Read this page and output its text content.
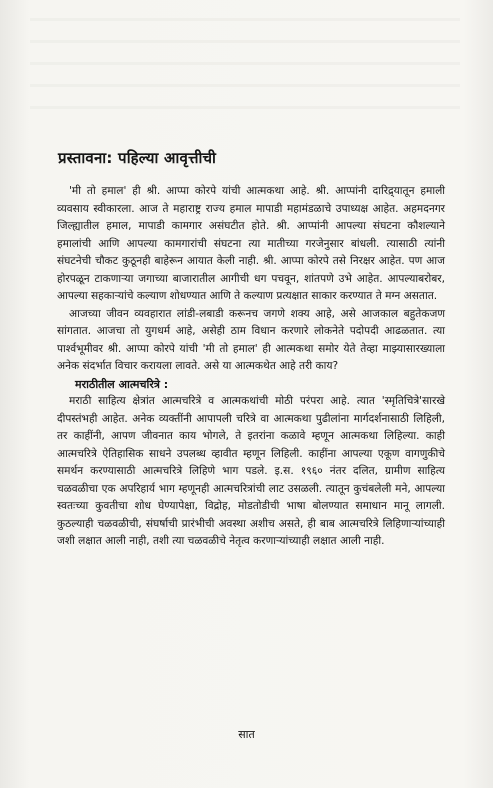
प्रस्तावना: पहिल्या आवृत्तीची

'मी तो हमाल' ही श्री. आप्पा कोरपे यांची आत्मकथा आहे. श्री. आप्पांनी दारिद्र्यातून हमाली व्यवसाय स्वीकारला. आज ते महाराष्ट्र राज्य हमाल मापाडी महामंडळाचे उपाध्यक्ष आहेत. अहमदनगर जिल्ह्यातील हमाल, मापाडी कामगार असंघटीत होते. श्री. आप्पांनी आपल्या संघटना कौशल्याने हमालांची आणि आपल्या कामगारांची संघटना त्या मातीच्या गरजेनुसार बांधली. त्यासाठी त्यांनी संघटनेची चौकट कुठूनही बाहेरून आयात केली नाही. श्री. आप्पा कोरपे तसे निरक्षर आहेत. पण आज होरपळून टाकणाऱ्या जगाच्या बाजारातील आगीची धग पचवून, शांतपणे उभे आहेत. आपल्याबरोबर, आपल्या सहकाऱ्यांचे कल्याण शोधण्यात आणि ते कल्याण प्रत्यक्षात साकार करण्यात ते मग्न असतात.

आजच्या जीवन व्यवहारात लांडी-लबाडी करूनच जगणे शक्य आहे, असे आजकाल बहुतेकजण सांगतात. आजचा तो युगधर्म आहे, असेही ठाम विधान करणारे लोकनेते पदोपदी आढळतात. त्या पार्श्वभूमीवर श्री. आप्पा कोरपे यांची 'मी तो हमाल' ही आत्मकथा समोर येते तेव्हा माझ्यासारख्याला अनेक संदर्भात विचार करायला लावते. असे या आत्मकथेत आहे तरी काय?

मराठीतील आत्मचरित्रे :

मराठी साहित्य क्षेत्रांत आत्मचरित्रे व आत्मकथांची मोठी परंपरा आहे. त्यात 'स्मृतिचित्रे'सारखे दीपस्तंभही आहेत. अनेक व्यक्तींनी आपापली चरित्रे वा आत्मकथा पुढीलांना मार्गदर्शनासाठी लिहिली, तर काहींनी, आपण जीवनात काय भोगले, ते इतरांना कळावे म्हणून आत्मकथा लिहिल्या. काही आत्मचरित्रे ऐतिहासिक साधने उपलब्ध व्हावीत म्हणून लिहिली. काहींना आपल्या एकूण वागणुकीचे समर्थन करण्यासाठी आत्मचरित्रे लिहिणे भाग पडले. इ.स. १९६० नंतर दलित, ग्रामीण साहित्य चळवळीचा एक अपरिहार्य भाग म्हणूनही आत्मचरित्रांची लाट उसळली. त्यातून कुचंबलेली मने, आपल्या स्वतःच्या कुवतीचा शोध घेण्यापेक्षा, विद्रोह, मोडतोडीची भाषा बोलण्यात समाधान मानू लागली. कुठल्याही चळवळीची, संघर्षाची प्रारंभीची अवस्था अशीच असते, ही बाब आत्मचरित्रे लिहिणाऱ्यांच्याही जशी लक्षात आली नाही, तशी त्या चळवळीचे नेतृत्व करणाऱ्यांच्याही लक्षात आली नाही.

सात
